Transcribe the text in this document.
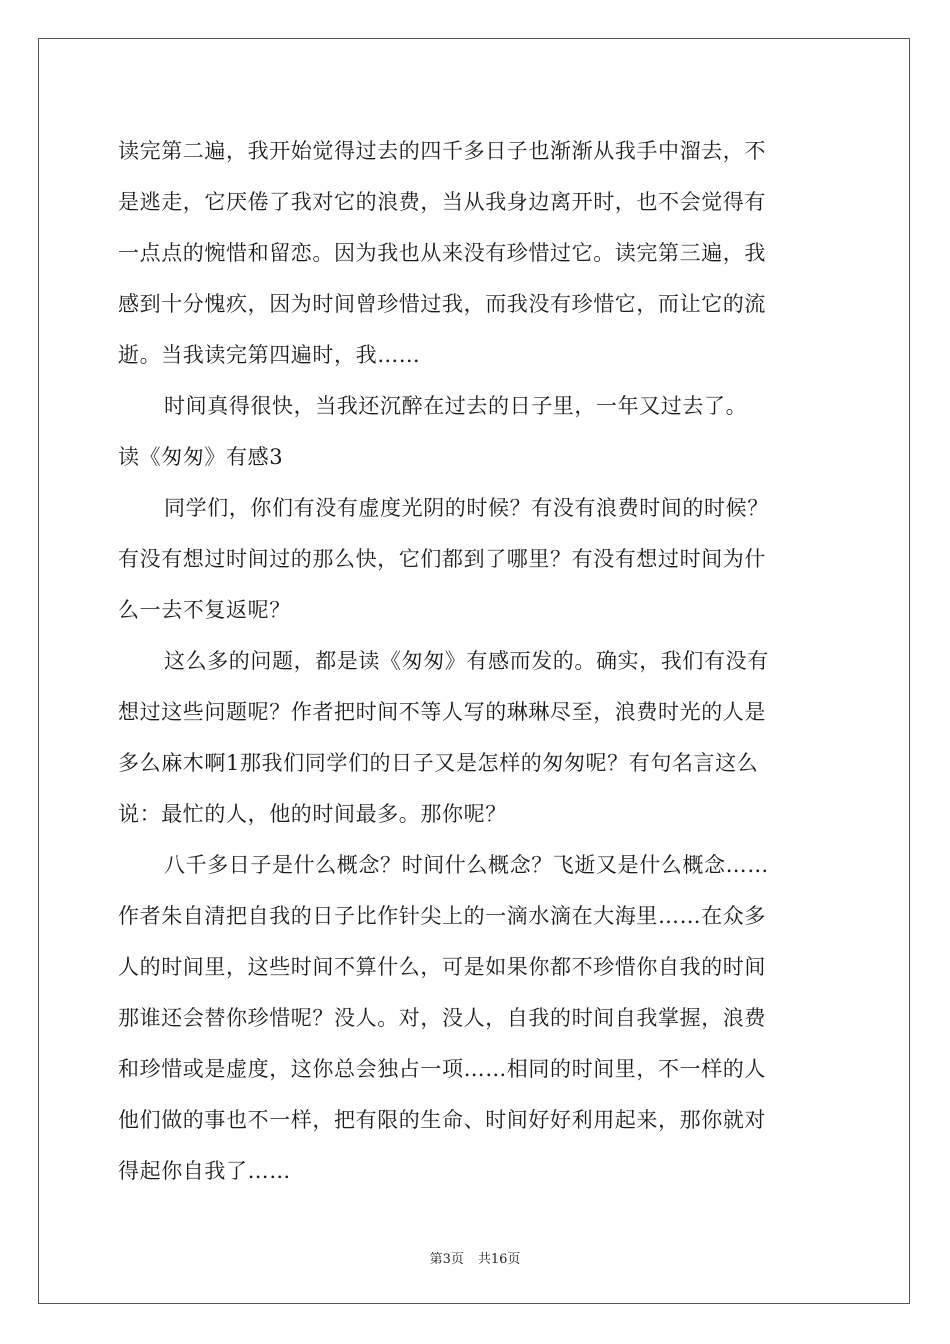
读完第二遍，我开始觉得过去的四千多日子也渐渐从我手中溜去，不
是逃走，它厌倦了我对它的浪费，当从我身边离开时，也不会觉得有
一点点的惋惜和留恋。因为我也从来没有珍惜过它。读完第三遍，我
感到十分愧疚，因为时间曾珍惜过我，而我没有珍惜它，而让它的流
逝。当我读完第四遍时，我……
时间真得很快，当我还沉醉在过去的日子里，一年又过去了。
读《匆匆》有感3
同学们，你们有没有虚度光阴的时候？有没有浪费时间的时候？
有没有想过时间过的那么快，它们都到了哪里？有没有想过时间为什
么一去不复返呢？
这么多的问题，都是读《匆匆》有感而发的。确实，我们有没有
想过这些问题呢？作者把时间不等人写的琳琳尽至，浪费时光的人是
多么麻木啊1那我们同学们的日子又是怎样的匆匆呢？有句名言这么
说：最忙的人，他的时间最多。那你呢？
八千多日子是什么概念？时间什么概念？飞逝又是什么概念……
作者朱自清把自我的日子比作针尖上的一滴水滴在大海里……在众多
人的时间里，这些时间不算什么，可是如果你都不珍惜你自我的时间
那谁还会替你珍惜呢？没人。对，没人，自我的时间自我掌握，浪费
和珍惜或是虚度，这你总会独占一项……相同的时间里，不一样的人
他们做的事也不一样，把有限的生命、时间好好利用起来，那你就对
得起你自我了……
第3页 共16页
